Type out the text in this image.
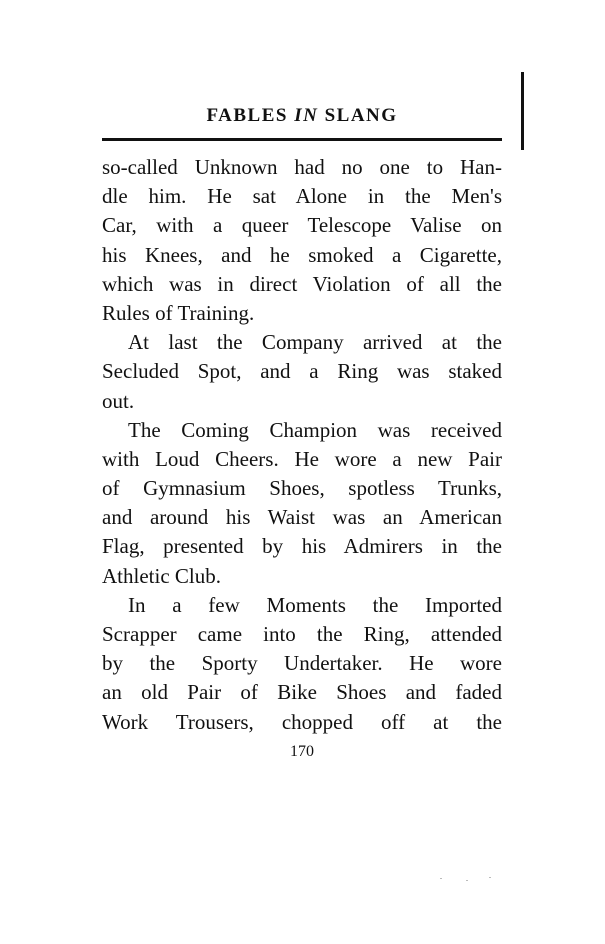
FABLES IN SLANG
so-called Unknown had no one to Han-
dle him. He sat Alone in the Men's
Car, with a queer Telescope Valise on
his Knees, and he smoked a Cigarette,
which was in direct Violation of all the
Rules of Training.
At last the Company arrived at the
Secluded Spot, and a Ring was staked
out.
The Coming Champion was received
with Loud Cheers. He wore a new Pair
of Gymnasium Shoes, spotless Trunks,
and around his Waist was an American
Flag, presented by his Admirers in the
Athletic Club.
In a few Moments the Imported
Scrapper came into the Ring, attended
by the Sporty Undertaker. He wore
an old Pair of Bike Shoes and faded
Work Trousers, chopped off at the
170
